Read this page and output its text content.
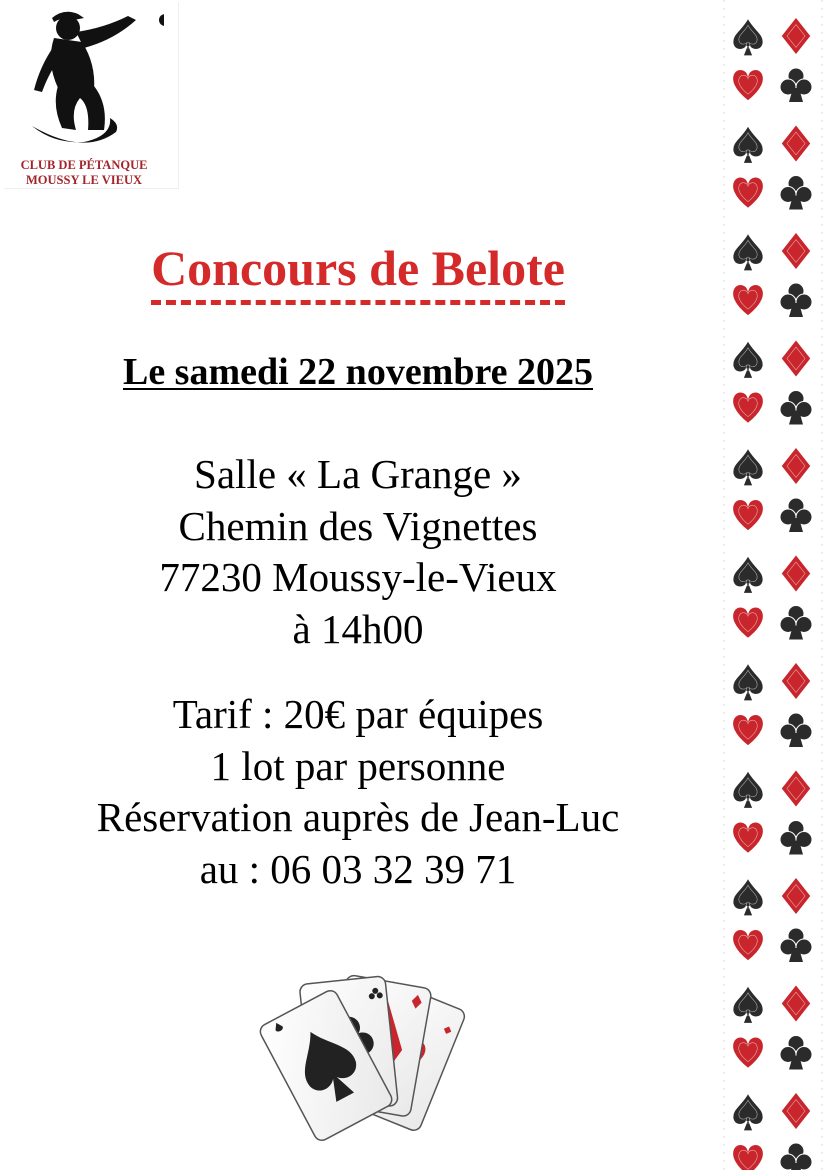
CLUB DE PÉTANQUE
MOUSSY LE VIEUX
Concours de Belote
Le samedi 22 novembre 2025
Salle « La Grange »
Chemin des Vignettes
77230 Moussy-le-Vieux
à 14h00
Tarif : 20€ par équipes
1 lot par personne
Réservation auprès de Jean-Luc
au : 06 03 32 39 71
